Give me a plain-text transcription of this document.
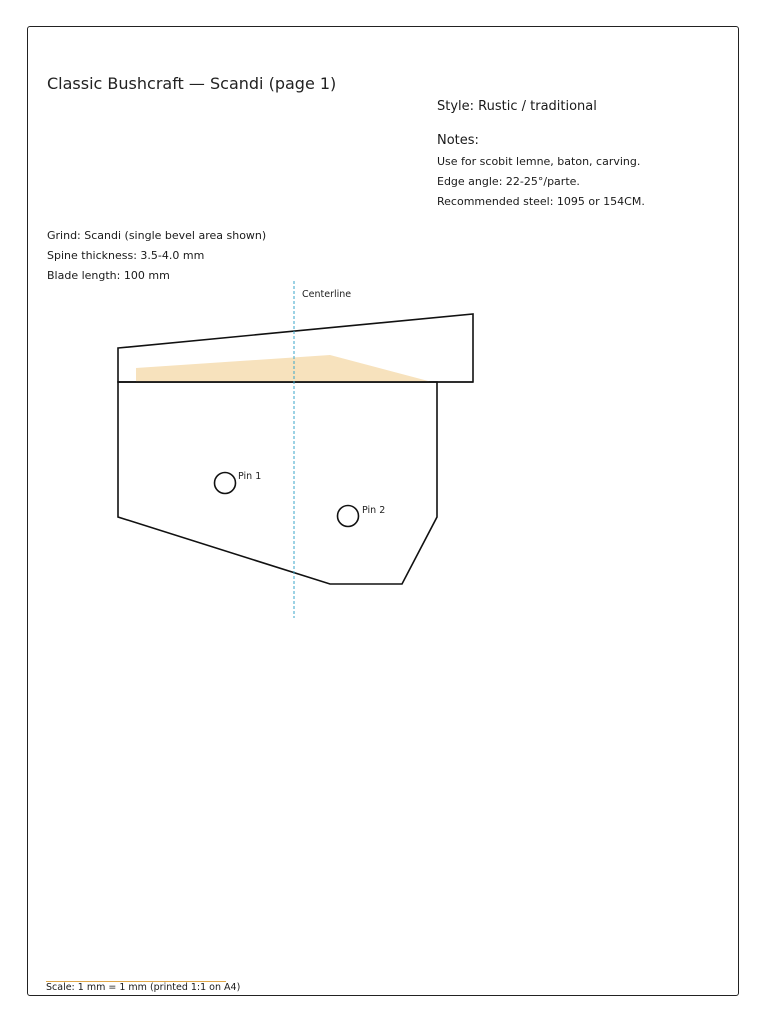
Classic Bushcraft — Scandi (page 1)
Style: Rustic / traditional
Notes:
Use for scobit lemne, baton, carving.
Edge angle: 22-25°/parte.
Recommended steel: 1095 or 154CM.
Grind: Scandi (single bevel area shown)
Spine thickness: 3.5-4.0 mm
Blade length: 100 mm
Centerline
Pin 1
Pin 2
Scale: 1 mm = 1 mm (printed 1:1 on A4)
